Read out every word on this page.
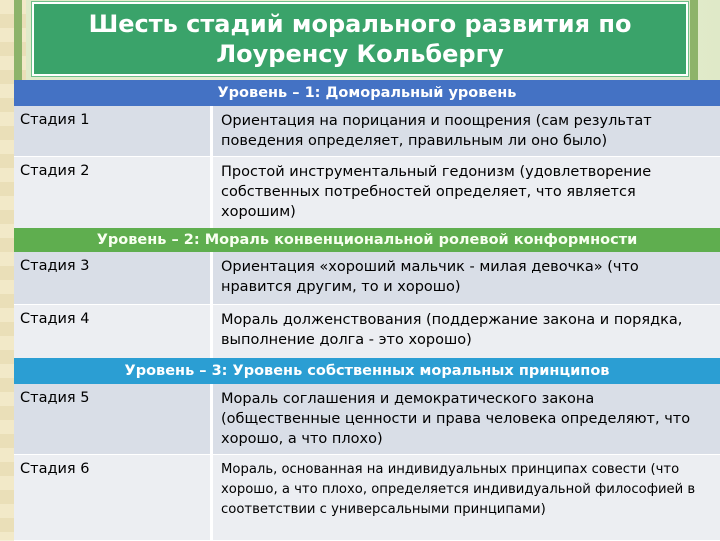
Шесть стадий морального развития по
Лоуренсу Кольбергу
Уровень – 1: Доморальный уровень
Стадия 1	Ориентация на порицания и поощрения (сам результат поведения определяет, правильным ли оно было)
Стадия 2	Простой инструментальный гедонизм (удовлетворение собственных потребностей определяет, что является хорошим)
Уровень – 2: Мораль конвенциональной ролевой конформности
Стадия 3	Ориентация «хороший мальчик - милая девочка» (что нравится другим, то и хорошо)
Стадия 4	Мораль долженствования (поддержание закона и порядка, выполнение долга - это хорошо)
Уровень – 3: Уровень собственных моральных принципов
Стадия 5	Мораль соглашения и демократического закона (общественные ценности и права человека определяют, что хорошо, а что плохо)
Стадия 6	Мораль, основанная на индивидуальных принципах совести (что хорошо, а что плохо, определяется индивидуальной философией в соответствии с универсальными принципами)
